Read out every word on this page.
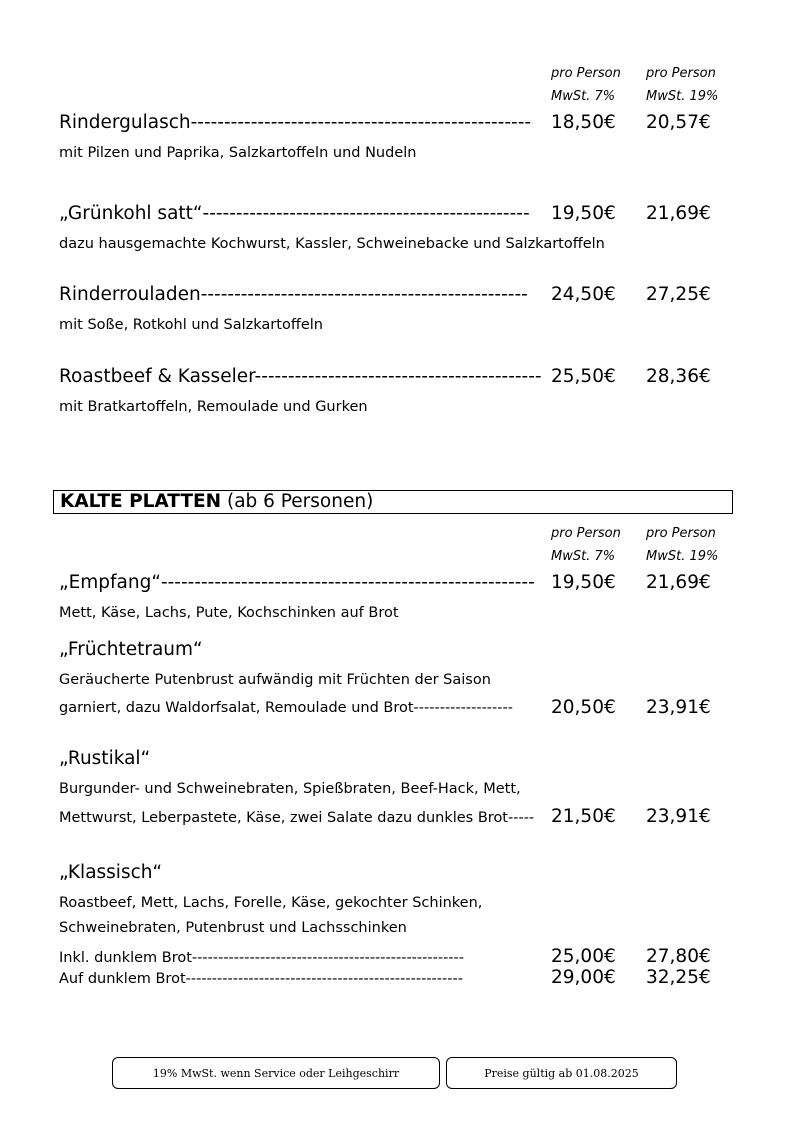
pro Person
MwSt. 7%
pro Person
MwSt. 19%
Rindergulasch--------------------------------------------------- 18,50€ 20,57€
mit Pilzen und Paprika, Salzkartoffeln und Nudeln
„Grünkohl satt“------------------------------------------------- 19,50€ 21,69€
dazu hausgemachte Kochwurst, Kassler, Schweinebacke und Salzkartoffeln
Rinderrouladen------------------------------------------------- 24,50€ 27,25€
mit Soße, Rotkohl und Salzkartoffeln
Roastbeef & Kasseler------------------------------------------- 25,50€ 28,36€
mit Bratkartoffeln, Remoulade und Gurken
KALTE PLATTEN (ab 6 Personen)
pro Person
MwSt. 7%
pro Person
MwSt. 19%
„Empfang“-------------------------------------------------------- 19,50€ 21,69€
Mett, Käse, Lachs, Pute, Kochschinken auf Brot
„Früchtetraum“
Geräucherte Putenbrust aufwändig mit Früchten der Saison
garniert, dazu Waldorfsalat, Remoulade und Brot------------------- 20,50€ 23,91€
„Rustikal“
Burgunder- und Schweinebraten, Spießbraten, Beef-Hack, Mett,
Mettwurst, Leberpastete, Käse, zwei Salate dazu dunkles Brot----- 21,50€ 23,91€
„Klassisch“
Roastbeef, Mett, Lachs, Forelle, Käse, gekochter Schinken,
Schweinebraten, Putenbrust und Lachsschinken
Inkl. dunklem Brot----------------------------------------------------	25,00€ 27,80€
Auf dunklem Brot-----------------------------------------------------	29,00€ 32,25€
19% MwSt. wenn Service oder Leihgeschirr	Preise gültig ab 01.08.2025
